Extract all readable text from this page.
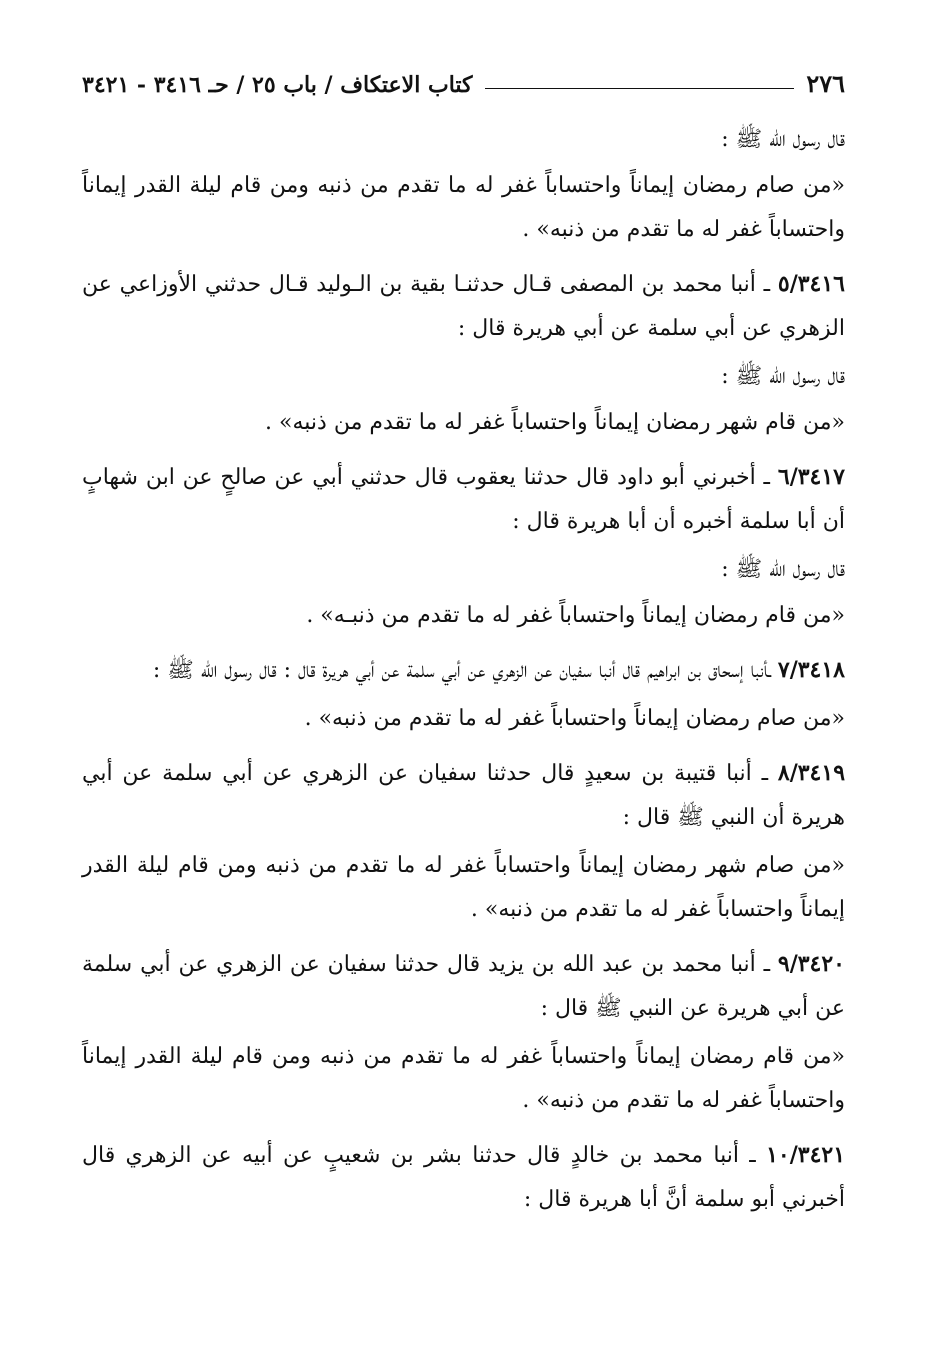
٢٧٦
كتاب الاعتكاف / باب ٢٥ / حـ ٣٤١٦ - ٣٤٢١

قال رسول الله ﷺ :

«من صام رمضان إيماناً واحتساباً غفر له ما تقدم من ذنبه ومن قام ليلة القدر إيماناً واحتساباً غفر له ما تقدم من ذنبه» .

٥/٣٤١٦ ـ أنبا محمد بن المصفى قـال حدثنـا بقية بن الـوليد قـال حدثني الأوزاعي عن الزهري عن أبي سلمة عن أبي هريرة قال :

قال رسول الله ﷺ :

«من قام شهر رمضان إيماناً واحتساباً غفر له ما تقدم من ذنبه» .

٦/٣٤١٧ ـ أخبرني أبو داود قال حدثنا يعقوب قال حدثني أبي عن صالحٍ عن ابن شهابٍ أن أبا سلمة أخبره أن أبا هريرة قال :

قال رسول الله ﷺ :

«من قام رمضان إيماناً واحتساباً غفر له ما تقدم من ذنبـه» .

٧/٣٤١٨ ـأنبا إسحاق بن ابراهيم قال أنبا سفيان عن الزهري عن أبي سلمة عن أبي هريرة قال : قال رسول الله ﷺ :

«من صام رمضان إيماناً واحتساباً غفر له ما تقدم من ذنبه» .

٨/٣٤١٩ ـ أنبا قتيبة بن سعيدٍ قال حدثنا سفيان عن الزهري عن أبي سلمة عن أبي هريرة أن النبي ﷺ قال :

«من صام شهر رمضان إيماناً واحتساباً غفر له ما تقدم من ذنبه ومن قام ليلة القدر إيماناً واحتساباً غفر له ما تقدم من ذنبه» .

٩/٣٤٢٠ ـ أنبا محمد بن عبد الله بن يزيد قال حدثنا سفيان عن الزهري عن أبي سلمة عن أبي هريرة عن النبي ﷺ قال :

«من قام رمضان إيماناً واحتساباً غفر له ما تقدم من ذنبه ومن قام ليلة القدر إيماناً واحتساباً غفر له ما تقدم من ذنبه» .

١٠/٣٤٢١ ـ أنبا محمد بن خالدٍ قال حدثنا بشر بن شعيبٍ عن أبيه عن الزهري قال أخبرني أبو سلمة أنَّ أبا هريرة قال :
